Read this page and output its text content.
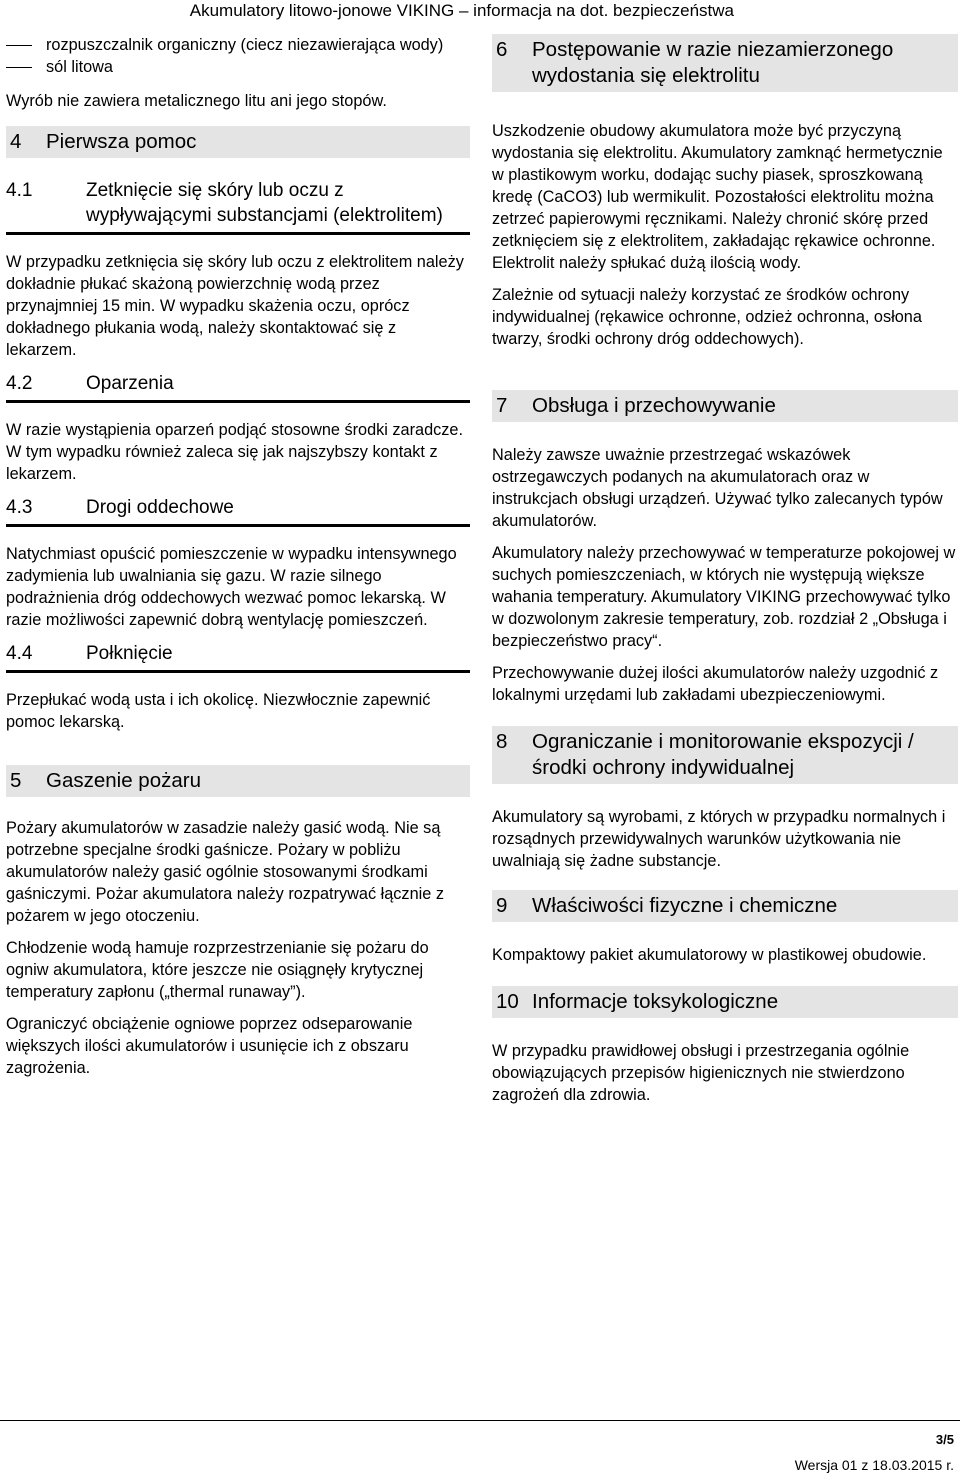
Akumulatory litowo-jonowe VIKING – informacja na dot. bezpieczeństwa
rozpuszczalnik organiczny (ciecz niezawierająca wody)
sól litowa

Wyrób nie zawiera metalicznego litu ani jego stopów.

4	Pierwsza pomoc
4.1	Zetknięcie się skóry lub oczu z wypływającymi substancjami (elektrolitem)

W przypadku zetknięcia się skóry lub oczu z elektrolitem należy dokładnie płukać skażoną powierzchnię wodą przez przynajmniej 15 min. W wypadku skażenia oczu, oprócz dokładnego płukania wodą, należy skontaktować się z lekarzem.

4.2	Oparzenia

W razie wystąpienia oparzeń podjąć stosowne środki zaradcze. W tym wypadku również zaleca się jak najszybszy kontakt z lekarzem.

4.3	Drogi oddechowe

Natychmiast opuścić pomieszczenie w wypadku intensywnego zadymienia lub uwalniania się gazu. W razie silnego podrażnienia dróg oddechowych wezwać pomoc lekarską. W razie możliwości zapewnić dobrą wentylację pomieszczeń.

4.4	Połknięcie

Przepłukać wodą usta i ich okolicę. Niezwłocznie zapewnić pomoc lekarską.

5	Gaszenie pożaru

Pożary akumulatorów w zasadzie należy gasić wodą. Nie są potrzebne specjalne środki gaśnicze. Pożary w pobliżu akumulatorów należy gasić ogólnie stosowanymi środkami gaśniczymi. Pożar akumulatora należy rozpatrywać łącznie z pożarem w jego otoczeniu.

Chłodzenie wodą hamuje rozprzestrzenianie się pożaru do ogniw akumulatora, które jeszcze nie osiągnęły krytycznej temperatury zapłonu („thermal runaway”).

Ograniczyć obciążenie ogniowe poprzez odseparowanie większych ilości akumulatorów i usunięcie ich z obszaru zagrożenia.

6	Postępowanie w razie niezamierzonego wydostania się elektrolitu

Uszkodzenie obudowy akumulatora może być przyczyną wydostania się elektrolitu. Akumulatory zamknąć hermetycznie w plastikowym worku, dodając suchy piasek, sproszkowaną kredę (CaCO3) lub wermikulit. Pozostałości elektrolitu można zetrzeć papierowymi ręcznikami. Należy chronić skórę przed zetknięciem się z elektrolitem, zakładając rękawice ochronne. Elektrolit należy spłukać dużą ilością wody.

Zależnie od sytuacji należy korzystać ze środków ochrony indywidualnej (rękawice ochronne, odzież ochronna, osłona twarzy, środki ochrony dróg oddechowych).

7	Obsługa i przechowywanie

Należy zawsze uważnie przestrzegać wskazówek ostrzegawczych podanych na akumulatorach oraz w instrukcjach obsługi urządzeń. Używać tylko zalecanych typów akumulatorów.

Akumulatory należy przechowywać w temperaturze pokojowej w suchych pomieszczeniach, w których nie występują większe wahania temperatury. Akumulatory VIKING przechowywać tylko w dozwolonym zakresie temperatury, zob. rozdział 2 „Obsługa i bezpieczeństwo pracy“.

Przechowywanie dużej ilości akumulatorów należy uzgodnić z lokalnymi urzędami lub zakładami ubezpieczeniowymi.

8	Ograniczanie i monitorowanie ekspozycji / środki ochrony indywidualnej

Akumulatory są wyrobami, z których w przypadku normalnych i rozsądnych przewidywalnych warunków użytkowania nie uwalniają się żadne substancje.

9	Właściwości fizyczne i chemiczne

Kompaktowy pakiet akumulatorowy w plastikowej obudowie.

10 Informacje toksykologiczne

W przypadku prawidłowej obsługi i przestrzegania ogólnie obowiązujących przepisów higienicznych nie stwierdzono zagrożeń dla zdrowia.

3/5
Wersja 01 z 18.03.2015 r.
